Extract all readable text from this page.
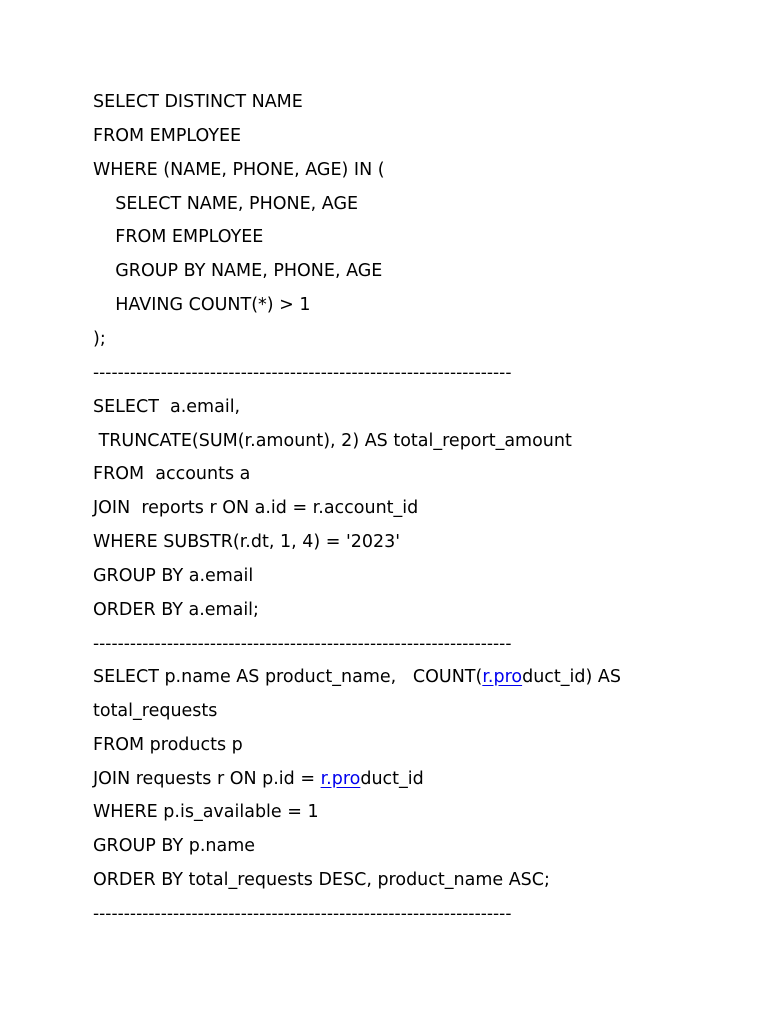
SELECT DISTINCT NAME
FROM EMPLOYEE
WHERE (NAME, PHONE, AGE) IN (
SELECT NAME, PHONE, AGE
FROM EMPLOYEE
GROUP BY NAME, PHONE, AGE
HAVING COUNT(*) > 1
);
--------------------------------------------------------------------
SELECT  a.email,
TRUNCATE(SUM(r.amount), 2) AS total_report_amount
FROM  accounts a
JOIN  reports r ON a.id = r.account_id
WHERE SUBSTR(r.dt, 1, 4) = '2023'
GROUP BY a.email
ORDER BY a.email;
--------------------------------------------------------------------
SELECT p.name AS product_name,   COUNT(r.product_id) AS
total_requests
FROM products p
JOIN requests r ON p.id = r.product_id
WHERE p.is_available = 1
GROUP BY p.name
ORDER BY total_requests DESC, product_name ASC;
--------------------------------------------------------------------
